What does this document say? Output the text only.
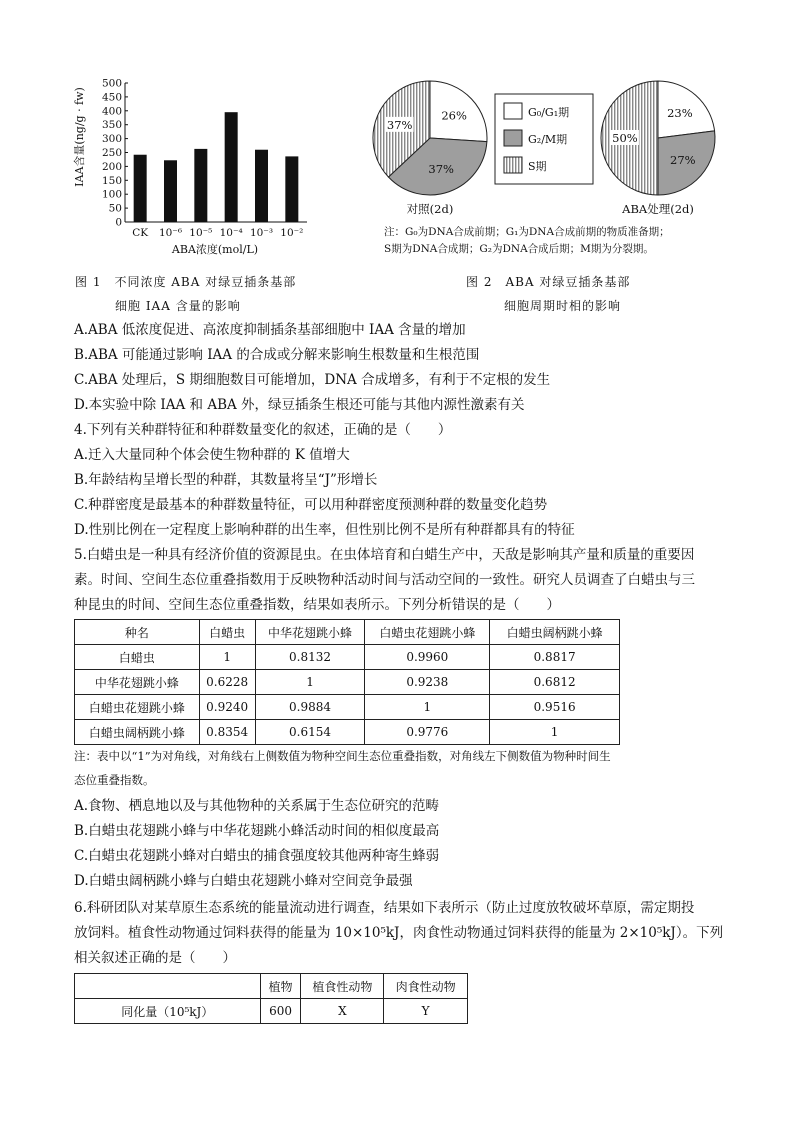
0
50
100
150
200
250
300
350
400
450
500
CK 10⁻⁶ 10⁻⁵ 10⁻⁴ 10⁻³ 10⁻²
IAA含量(ng/g · fw)
ABA浓度(mol/L)
26%
37%
37%
23%
27%
50%
G₀/G₁期
G₂/M期
S期
对照(2d)	ABA处理(2d)
注：G₀为DNA合成前期；G₁为DNA合成前期的物质准备期；
S期为DNA合成期；G₂为DNA合成后期；M期为分裂期。
图 1　不同浓度 ABA 对绿豆插条基部
细胞 IAA 含量的影响
图 2　ABA 对绿豆插条基部
细胞周期时相的影响
A.ABA 低浓度促进、高浓度抑制插条基部细胞中 IAA 含量的增加
B.ABA 可能通过影响 IAA 的合成或分解来影响生根数量和生根范围
C.ABA 处理后，S 期细胞数目可能增加，DNA 合成增多，有利于不定根的发生
D.本实验中除 IAA 和 ABA 外，绿豆插条生根还可能与其他内源性激素有关
4.下列有关种群特征和种群数量变化的叙述，正确的是（　　）
A.迁入大量同种个体会使生物种群的 K 值增大
B.年龄结构呈增长型的种群，其数量将呈“J”形增长
C.种群密度是最基本的种群数量特征，可以用种群密度预测种群的数量变化趋势
D.性别比例在一定程度上影响种群的出生率，但性别比例不是所有种群都具有的特征
5.白蜡虫是一种具有经济价值的资源昆虫。在虫体培育和白蜡生产中，天敌是影响其产量和质量的重要因
素。时间、空间生态位重叠指数用于反映物种活动时间与活动空间的一致性。研究人员调查了白蜡虫与三
种昆虫的时间、空间生态位重叠指数，结果如表所示。下列分析错误的是（　　）
种名	白蜡虫	中华花翅跳小蜂	白蜡虫花翅跳小蜂	白蜡虫阔柄跳小蜂
白蜡虫	1	0.8132	0.9960	0.8817
中华花翅跳小蜂	0.6228	1	0.9238	0.6812
白蜡虫花翅跳小蜂	0.9240	0.9884	1	0.9516
白蜡虫阔柄跳小蜂	0.8354	0.6154	0.9776	1
注：表中以“1”为对角线，对角线右上侧数值为物种空间生态位重叠指数，对角线左下侧数值为物种时间生
态位重叠指数。
A.食物、栖息地以及与其他物种的关系属于生态位研究的范畴
B.白蜡虫花翅跳小蜂与中华花翅跳小蜂活动时间的相似度最高
C.白蜡虫花翅跳小蜂对白蜡虫的捕食强度较其他两种寄生蜂弱
D.白蜡虫阔柄跳小蜂与白蜡虫花翅跳小蜂对空间竞争最强
6.科研团队对某草原生态系统的能量流动进行调查，结果如下表所示（防止过度放牧破坏草原，需定期投
放饲料。植食性动物通过饲料获得的能量为 10×10⁵kJ，肉食性动物通过饲料获得的能量为 2×10⁵kJ）。下列
相关叙述正确的是（　　）
	植物	植食性动物	肉食性动物
同化量（10⁵kJ）	600	X	Y
